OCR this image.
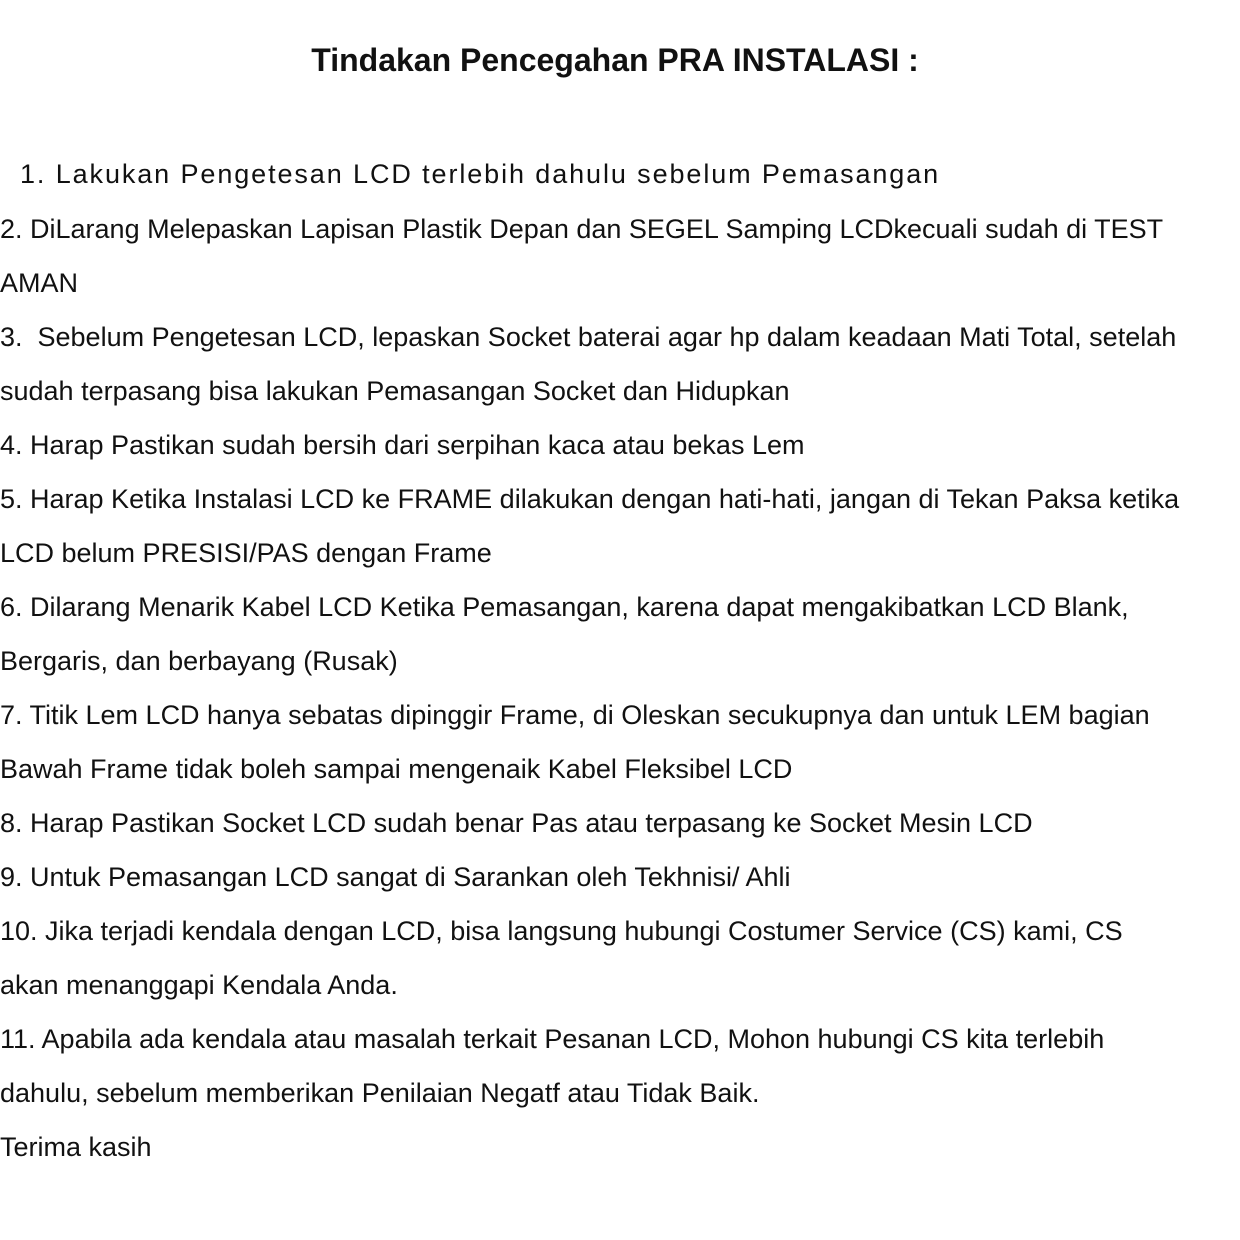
Tindakan Pencegahan PRA INSTALASI :

1. Lakukan Pengetesan LCD terlebih dahulu sebelum Pemasangan

2. DiLarang Melepaskan Lapisan Plastik Depan dan SEGEL Samping LCDkecuali sudah di TEST
AMAN
3.  Sebelum Pengetesan LCD, lepaskan Socket baterai agar hp dalam keadaan Mati Total, setelah
sudah terpasang bisa lakukan Pemasangan Socket dan Hidupkan
4. Harap Pastikan sudah bersih dari serpihan kaca atau bekas Lem
5. Harap Ketika Instalasi LCD ke FRAME dilakukan dengan hati-hati, jangan di Tekan Paksa ketika
LCD belum PRESISI/PAS dengan Frame
6. Dilarang Menarik Kabel LCD Ketika Pemasangan, karena dapat mengakibatkan LCD Blank,
Bergaris, dan berbayang (Rusak)
7. Titik Lem LCD hanya sebatas dipinggir Frame, di Oleskan secukupnya dan untuk LEM bagian
Bawah Frame tidak boleh sampai mengenaik Kabel Fleksibel LCD
8. Harap Pastikan Socket LCD sudah benar Pas atau terpasang ke Socket Mesin LCD
9. Untuk Pemasangan LCD sangat di Sarankan oleh Tekhnisi/ Ahli
10. Jika terjadi kendala dengan LCD, bisa langsung hubungi Costumer Service (CS) kami, CS
akan menanggapi Kendala Anda.
11. Apabila ada kendala atau masalah terkait Pesanan LCD, Mohon hubungi CS kita terlebih
dahulu, sebelum memberikan Penilaian Negatf atau Tidak Baik.
Terima kasih
